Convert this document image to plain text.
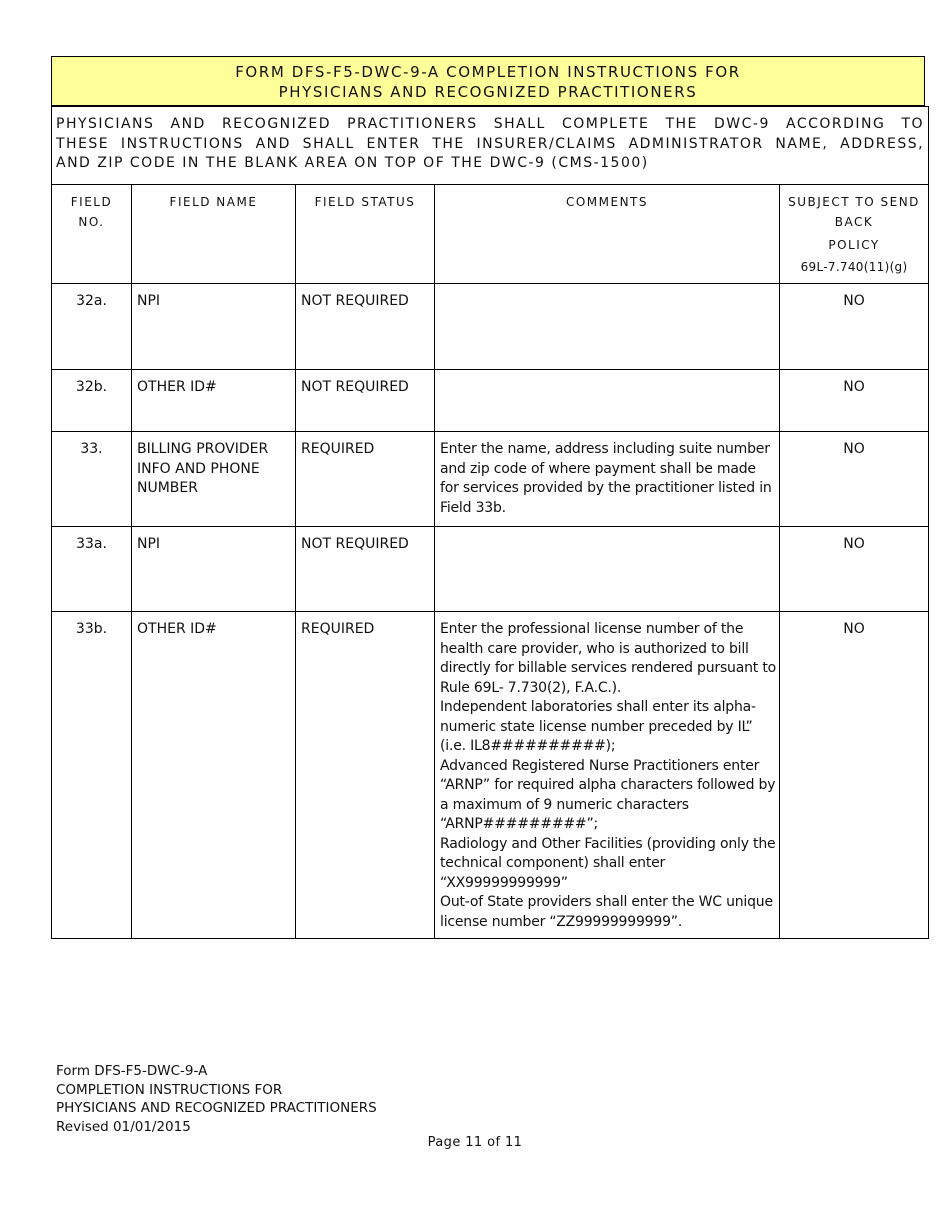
FORM DFS-F5-DWC-9-A COMPLETION INSTRUCTIONS FOR
PHYSICIANS AND RECOGNIZED PRACTITIONERS
PHYSICIANS AND RECOGNIZED PRACTITIONERS SHALL COMPLETE THE DWC-9 ACCORDING TO
THESE INSTRUCTIONS AND SHALL ENTER THE INSURER/CLAIMS ADMINISTRATOR NAME, ADDRESS,
AND ZIP CODE IN THE BLANK AREA ON TOP OF THE DWC-9 (CMS-1500)				

FIELD NO.	FIELD NAME	FIELD STATUS	COMMENTS	SUBJECT TO SEND BACK
POLICY
69L-7.740(11)(g)

32a.	NPI	NOT REQUIRED		NO
32b.	OTHER ID#	NOT REQUIRED		NO
33.	BILLING PROVIDER INFO AND PHONE NUMBER	REQUIRED	Enter the name, address including suite number and zip code of where payment shall be made for services provided by the practitioner listed in Field 33b.	NO
33a.	NPI	NOT REQUIRED		NO
33b.	OTHER ID#	REQUIRED	Enter the professional license number of the health care provider, who is authorized to bill directly for billable services rendered pursuant to Rule 69L- 7.730(2), F.A.C.).
Independent laboratories shall enter its alpha-numeric state license number preceded by IL” (i.e. IL8##########);
Advanced Registered Nurse Practitioners enter “ARNP” for required alpha characters followed by a maximum of 9 numeric characters “ARNP#########”;
Radiology and Other Facilities (providing only the technical component) shall enter “XX99999999999”
Out-of State providers shall enter the WC unique license number “ZZ99999999999”.	NO
Form DFS-F5-DWC-9-A
COMPLETION INSTRUCTIONS FOR
PHYSICIANS AND RECOGNIZED PRACTITIONERS
Revised 01/01/2015
Page 11 of 11
